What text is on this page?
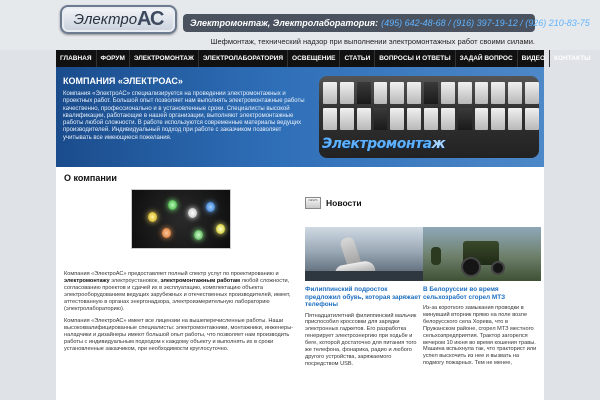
Электро АС	Электромонтаж, Электролаборатория: (495) 642-48-68 / (916) 397-19-12 / (926) 210-83-75
Шефмонтаж, технический надзор при выполнении электромонтажных работ своими силами.
ГЛАВНАЯ	ФОРУМ	ЭЛЕКТРОМОНТАЖ	ЭЛЕКТРОЛАБОРАТОРИЯ	ОСВЕЩЕНИЕ	СТАТЬИ	ВОПРОСЫ И ОТВЕТЫ	ЗАДАЙ ВОПРОС	ВИДЕО	КОНТАКТЫ
КОМПАНИЯ «ЭЛЕКТРОАС»
Компания «ЭлектроАС» специализируется на проведении электромонтажных и проектных работ. Большой опыт позволяет нам выполнять электромонтажные работы качественно, профессионально и в установленные сроки. Специалисты высокой квалификации, работающие в нашей организации, выполняют электромонтажные работы любой сложности. В работе используются современные материалы ведущих производителей. Индивидуальный подход при работе с заказчиком позволяет учитывать все имеющиеся пожелания.	Электромонтаж
О компании

Компания «ЭлектроАС» предоставляет полный спектр услуг по проектированию и электромонтажу электроустановок, электромонтажным работам любой сложности, согласованию проектов и сдачей их в эксплуатацию, комплектацию объекта электрооборудованием ведущих зарубежных и отечественных производителей, имеет, аттестованную в органах энергонадзора, электроизмерительную лабораторию (электролабораторию).

Компания «ЭлектроАС» имеет все лицензии на вышеперечисленные работы. Наши высококвалифицированные специалисты: электромонтажники, монтажники, инженеры-наладчики и дизайнеры имеют большой опыт работы, что позволяет нам производить работы с индивидуальным подходом к каждому объекту и выполнять их в сроки установленные заказчиком, при необходимости круглосуточно.

NEWS	Новости
Филиппинский подросток предложил обувь, которая заряжает телефоны
Пятнадцатилетний филиппинский мальчик приспособил кроссовки для зарядки электронных гаджетов. Его разработка генерирует электроэнергию при ходьбе и беге, которой достаточно для питания того же телефона, фонарика, радио и любого другого устройства, заряжаемого посредством USB.
В Белоруссии во время сельхозработ сгорел МТЗ
Из-за короткого замыкания проводки в минувший вторник прямо на поле возле белорусского села Хорева, что в Пружанском районе, сгорел МТЗ местного сельхозпредприятия. Трактор загорелся вечером 10 июня во время кошения травы. Машина вспыхнула так, что тракторист или успел выскочить из нее и вызвать на подмогу пожарных. Тем не менее,
